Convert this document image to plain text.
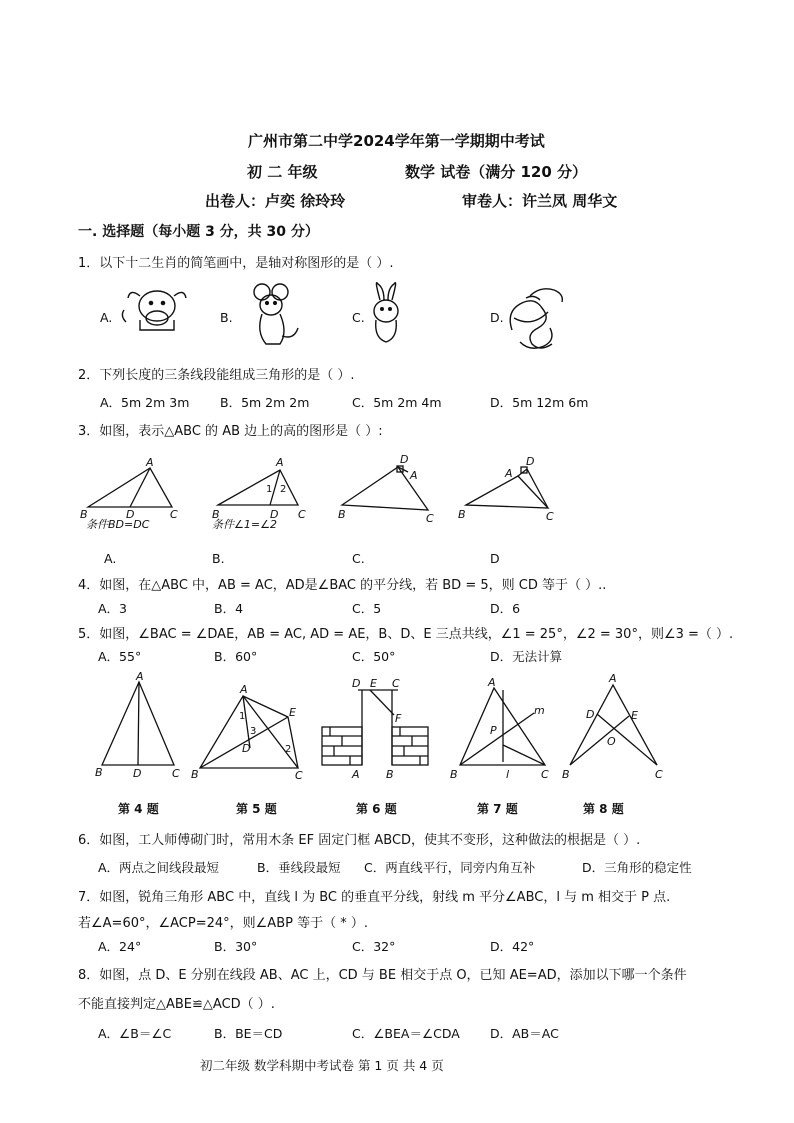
广州市第二中学2024学年第一学期期中考试
初 二 年级	数学 试卷（满分 120 分）
出卷人：卢奕 徐玲玲	审卷人：许兰凤 周华文
一. 选择题（每小题 3 分，共 30 分）
1．以下十二生肖的简笔画中，是轴对称图形的是（ ）.
A.	B.	C.	D.
2．下列长度的三条线段能组成三角形的是（ ）.
A．5m 2m 3m B．5m 2m 2m	C．5m 2m 4m	D．5m 12m 6m
3．如图，表示△ABC 的 AB 边上的高的图形是（ ）:
A
B	D	C
A
1 2
B	D C
D
A
B	C
A
D
B	C
条件BD=DC	条件∠1=∠2
A.	B.	C.	D
4．如图，在△ABC 中，AB = AC，AD是∠BAC 的平分线，若 BD = 5，则 CD 等于（ ）..
A．3	B．4	C．5	D．6
5．如图，∠BAC = ∠DAE，AB = AC, AD = AE，B、D、E 三点共线，∠1 = 25°，∠2 = 30°，则∠3 =（ ）.
A．55°	B．60°	C．50°	D．无法计算
A
B	D	C
A
1
3
2
E
D
B	C
D E C
F
A B
A
m
P
B	l	C
A
D	E
O
B	C
第 4 题	第 5 题	第 6 题	第 7 题	第 8 题
6．如图，工人师傅砌门时，常用木条 EF 固定门框 ABCD，使其不变形，这种做法的根据是（ ）.
A．两点之间线段最短	B．垂线段最短 C．两直线平行，同旁内角互补	D．三角形的稳定性
7．如图，锐角三角形 ABC 中，直线 l 为 BC 的垂直平分线，射线 m 平分∠ABC，l 与 m 相交于 P 点.
若∠A=60°，∠ACP=24°，则∠ABP 等于（ * ）.
A．24°	B．30°	C．32°	D．42°
8．如图，点 D、E 分别在线段 AB、AC 上，CD 与 BE 相交于点 O，已知 AE=AD，添加以下哪一个条件
不能直接判定△ABE≌△ACD（ ）.
A．∠B＝∠C	B．BE＝CD	C．∠BEA＝∠CDA D．AB＝AC
初二年级 数学科期中考试卷 第 1 页 共 4 页
